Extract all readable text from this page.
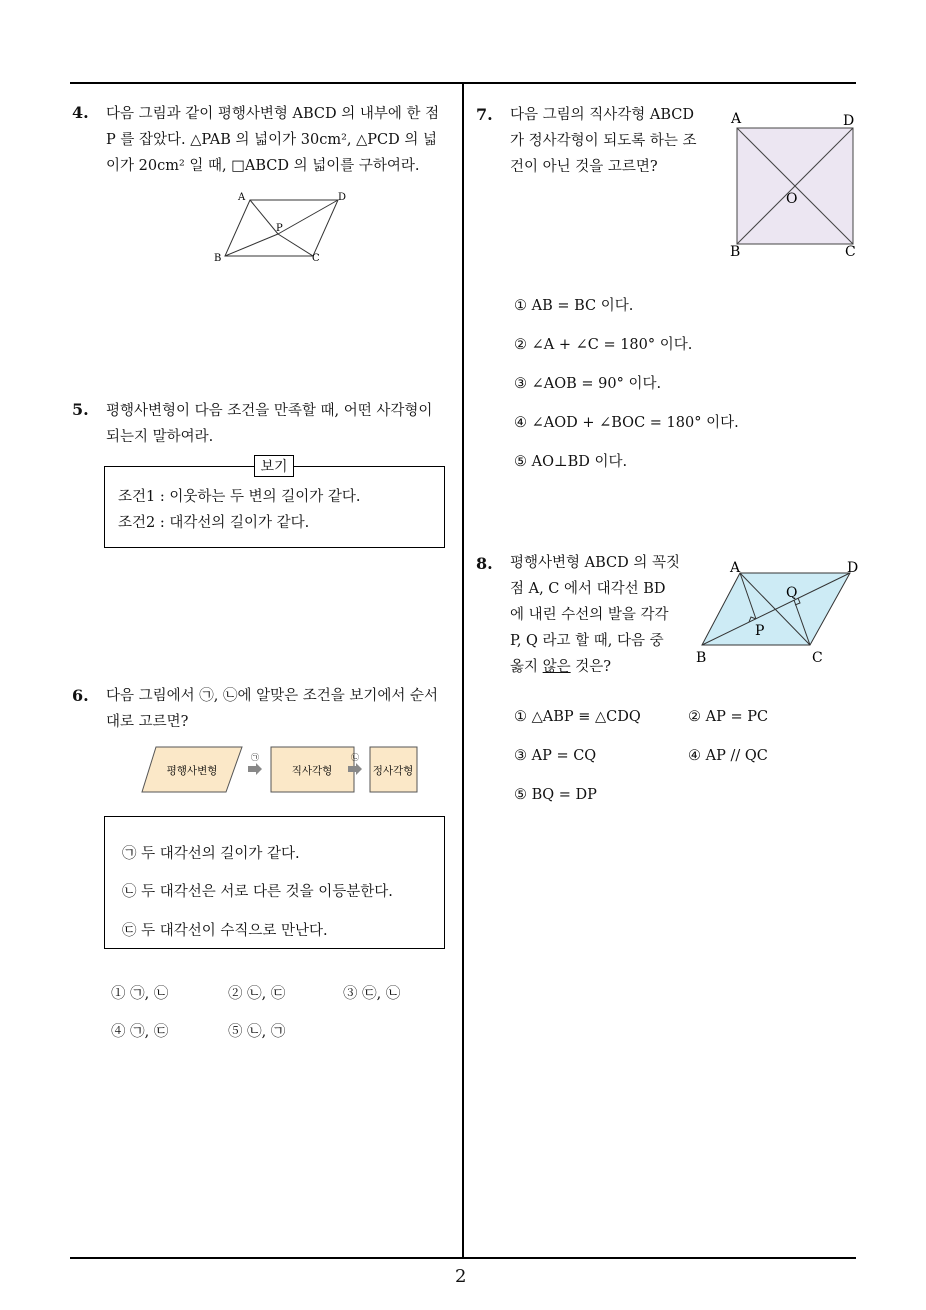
2
4. 다음 그림과 같이 평행사변형 ABCD 의 내부에 한 점
P 를 잡았다. △PAB 의 넓이가 30cm², △PCD 의 넓
이가 20cm² 일 때, □ABCD 의 넓이를 구하여라.
A	D
P
B	C
5. 평행사변형이 다음 조건을 만족할 때, 어떤 사각형이
되는지 말하여라.
보기
조건1 : 이웃하는 두 변의 길이가 같다.
조건2 : 대각선의 길이가 같다.
6. 다음 그림에서 ㉠, ㉡에 알맞은 조건을 보기에서 순서
대로 고르면?
평행사변형	직사각형	정사각형
㉠	㉡
㉠ 두 대각선의 길이가 같다.
㉡ 두 대각선은 서로 다른 것을 이등분한다.
㉢ 두 대각선이 수직으로 만난다.
① ㉠, ㉡	② ㉡, ㉢	③ ㉢, ㉡
④ ㉠, ㉢	⑤ ㉡, ㉠
7. 다음 그림의 직사각형 ABCD
가 정사각형이 되도록 하는 조
건이 아닌 것을 고르면?
A	D
O
B	C
① AB = BC 이다.
② ∠A + ∠C = 180° 이다.
③ ∠AOB = 90° 이다.
④ ∠AOD + ∠BOC = 180° 이다.
⑤ AO⊥BD 이다.
8. 평행사변형 ABCD 의 꼭짓
점 A, C 에서 대각선 BD
에 내린 수선의 발을 각각
P, Q 라고 할 때, 다음 중
옳지 않은 것은?
A	D
Q
P
B	C
① △ABP ≡ △CDQ	② AP = PC
③ AP = CQ	④ AP // QC
⑤ BQ = DP
